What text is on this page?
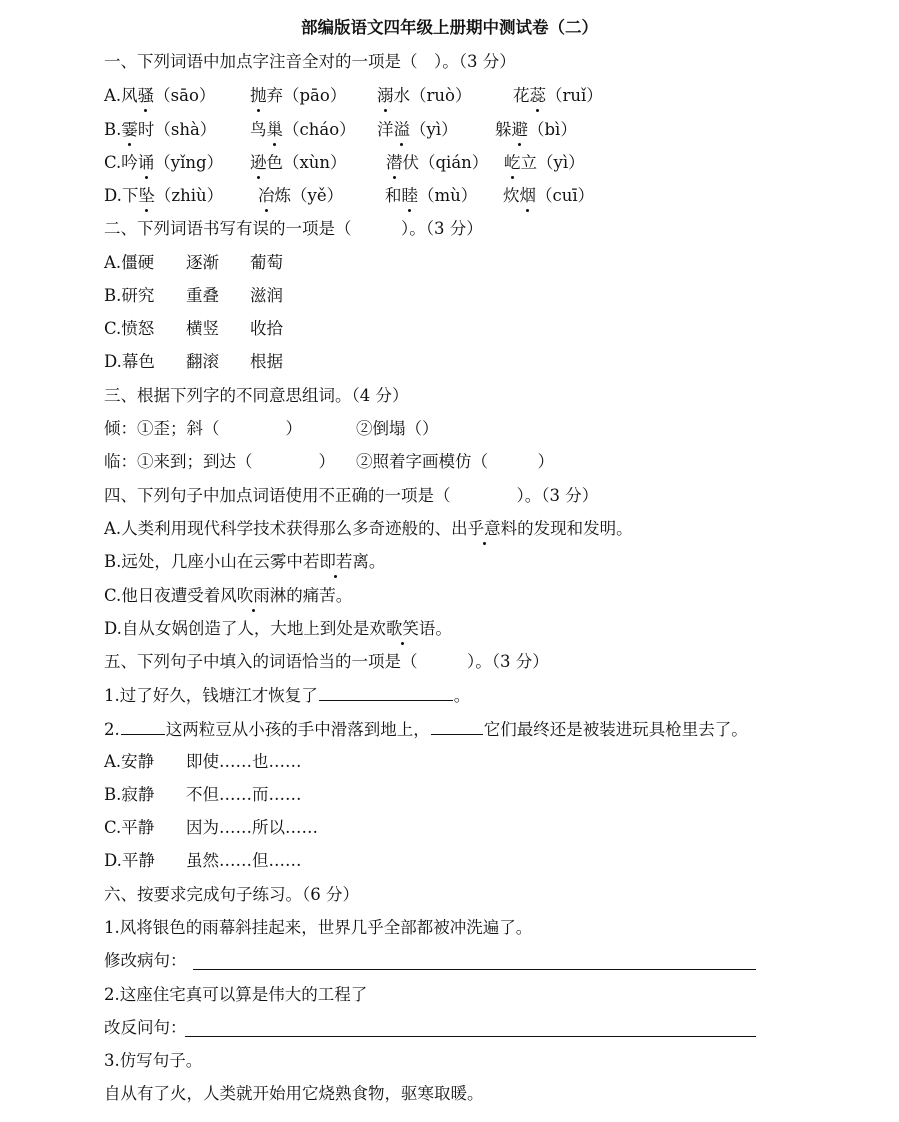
部编版语文四年级上册期中测试卷（二）
一、下列词语中加点字注音全对的一项是（　）。（3 分）
A.风骚（sāo） 抛弃（pāo） 溺水（ruò）	花蕊（ruǐ）
B.霎时（shà） 鸟巢（cháo） 洋溢（yì） 躲避（bì）
C.吟诵（yǐng） 逊色（xùn） 潜伏（qián） 屹立（yì）
D.下坠（zhiù） 冶炼（yě）	和睦（mù） 炊烟（cuī）
二、下列词语书写有误的一项是（　　　）。（3 分）
A.僵硬 逐渐 葡萄
B.研究 重叠 滋润
C.愤怒 横竖 收拾
D.幕色 翻滚 根据
三、根据下列字的不同意思组词。（4 分）
倾：①歪；斜（　　　　）	②倒塌（）
临：①来到；到达（　　　　） ②照着字画模仿（　　　）
四、下列句子中加点词语使用不正确的一项是（　　　　）。（3 分）
A.人类利用现代科学技术获得那么多奇迹般的、出乎意料的发现和发明。
B.远处，几座小山在云雾中若即若离。
C.他日夜遭受着风吹雨淋的痛苦。
D.自从女娲创造了人，大地上到处是欢歌笑语。
五、下列句子中填入的词语恰当的一项是（　　　）。（3 分）
1.过了好久，钱塘江才恢复了	。
2.	这两粒豆从小孩的手中滑落到地上，	它们最终还是被装进玩具枪里去了。
A.安静 即使……也……
B.寂静 不但……而……
C.平静 因为……所以……
D.平静 虽然……但……
六、按要求完成句子练习。（6 分）
1.风将银色的雨幕斜挂起来，世界几乎全部都被冲洗遍了。
修改病句：
2.这座住宅真可以算是伟大的工程了
改反问句：
3.仿写句子。
自从有了火，人类就开始用它烧熟食物，驱寒取暖。
